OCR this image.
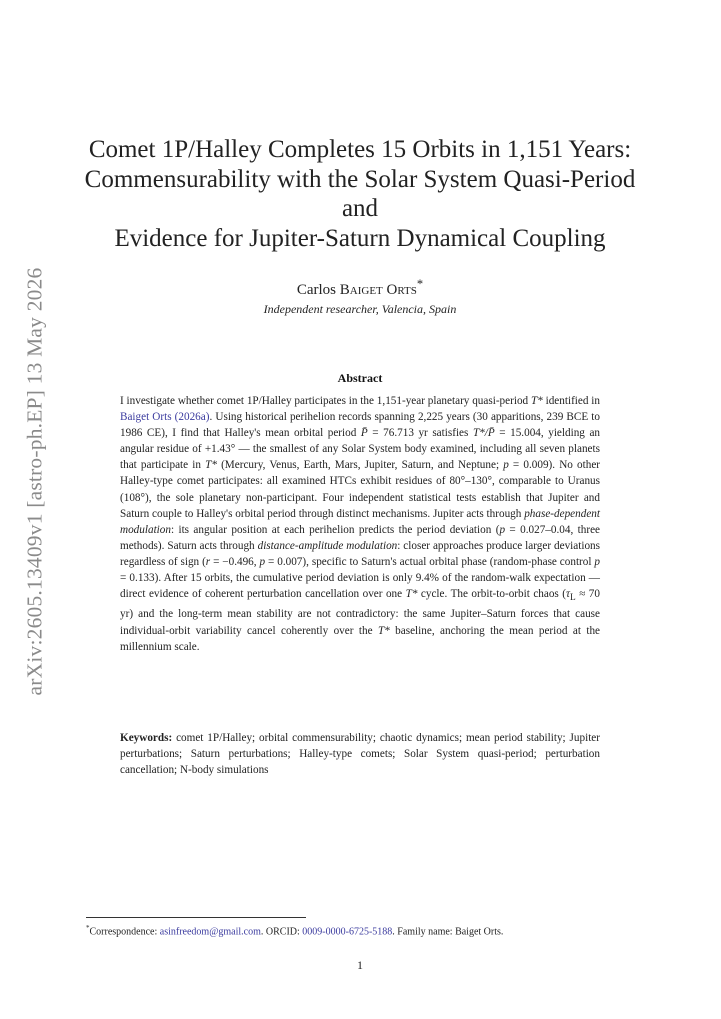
arXiv:2605.13409v1 [astro-ph.EP] 13 May 2026
Comet 1P/Halley Completes 15 Orbits in 1,151 Years:
Commensurability with the Solar System Quasi-Period
and
Evidence for Jupiter-Saturn Dynamical Coupling
Carlos Baiget Orts*
Independent researcher, Valencia, Spain
Abstract

I investigate whether comet 1P/Halley participates in the 1,151-year planetary quasi-period T* identified in Baiget Orts (2026a). Using historical perihelion records spanning 2,225 years (30 apparitions, 239 BCE to 1986 CE), I find that Halley's mean orbital period P̄ = 76.713 yr satisfies T*/P̄ = 15.004, yielding an angular residue of +1.43° — the smallest of any Solar System body examined, including all seven planets that participate in T* (Mercury, Venus, Earth, Mars, Jupiter, Saturn, and Neptune; p = 0.009). No other Halley-type comet participates: all examined HTCs exhibit residues of 80°–130°, comparable to Uranus (108°), the sole planetary non-participant. Four independent statistical tests establish that Jupiter and Saturn couple to Halley's orbital period through distinct mechanisms. Jupiter acts through phase-dependent modulation: its angular position at each perihelion predicts the period deviation (p = 0.027–0.04, three methods). Saturn acts through distance-amplitude modulation: closer approaches produce larger deviations regardless of sign (r = −0.496, p = 0.007), specific to Saturn's actual orbital phase (random-phase control p = 0.133). After 15 orbits, the cumulative period deviation is only 9.4% of the random-walk expectation — direct evidence of coherent perturbation cancellation over one T* cycle. The orbit-to-orbit chaos ($\tau_L \approx 70$ yr) and the long-term mean stability are not contradictory: the same Jupiter–Saturn forces that cause individual-orbit variability cancel coherently over the T* baseline, anchoring the mean period at the millennium scale.

Keywords: comet 1P/Halley; orbital commensurability; chaotic dynamics; mean period stability; Jupiter perturbations; Saturn perturbations; Halley-type comets; Solar System quasi-period; perturbation cancellation; N-body simulations

*Correspondence: asinfreedom@gmail.com. ORCID: 0009-0000-6725-5188. Family name: Baiget Orts.
1
